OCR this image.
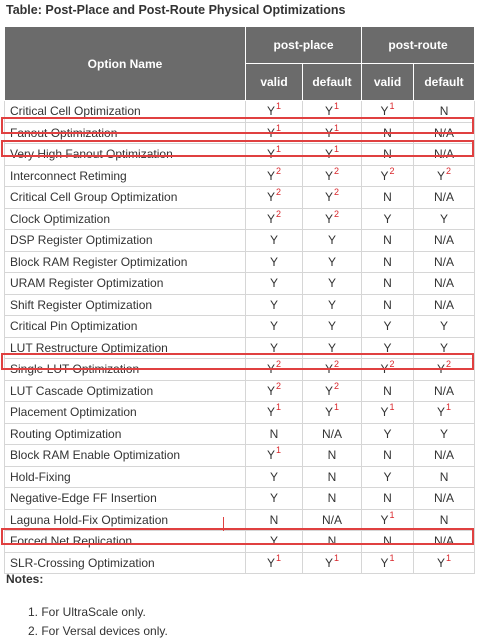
Table: Post-Place and Post-Route Physical Optimizations
Option Name	post-place		post-route	
	valid	default	valid	default
Critical Cell Optimization	$Y^1$	$Y^1$	$Y^1$	N
Fanout Optimization	$Y^1$	$Y^1$	N	N/A
Very High Fanout Optimization	$Y^1$	$Y^1$	N	N/A
Interconnect Retiming	$Y^2$	$Y^2$	$Y^2$	$Y^2$
Critical Cell Group Optimization	$Y^2$	$Y^2$	N	N/A
Clock Optimization	$Y^2$	$Y^2$	Y	Y
DSP Register Optimization	Y	Y	N	N/A
Block RAM Register Optimization	Y	Y	N	N/A
URAM Register Optimization	Y	Y	N	N/A
Shift Register Optimization	Y	Y	N	N/A
Critical Pin Optimization	Y	Y	Y	Y
LUT Restructure Optimization	Y	Y	Y	Y
Single LUT Optimization	$Y^2$	$Y^2$	$Y^2$	$Y^2$
LUT Cascade Optimization	$Y^2$	$Y^2$	N	N/A
Placement Optimization	$Y^1$	$Y^1$	$Y^1$	$Y^1$
Routing Optimization	N	N/A	Y	Y
Block RAM Enable Optimization	$Y^1$	N	N	N/A
Hold-Fixing	Y	N	Y	N
Negative-Edge FF Insertion	Y	N	N	N/A
Laguna Hold-Fix Optimization	N	N/A	$Y^1$	N
Forced Net Replication	Y	N	N	N/A
SLR-Crossing Optimization	$Y^1$	$Y^1$	$Y^1$	$Y^1$
Notes:
1. For UltraScale only.
2. For Versal devices only.
